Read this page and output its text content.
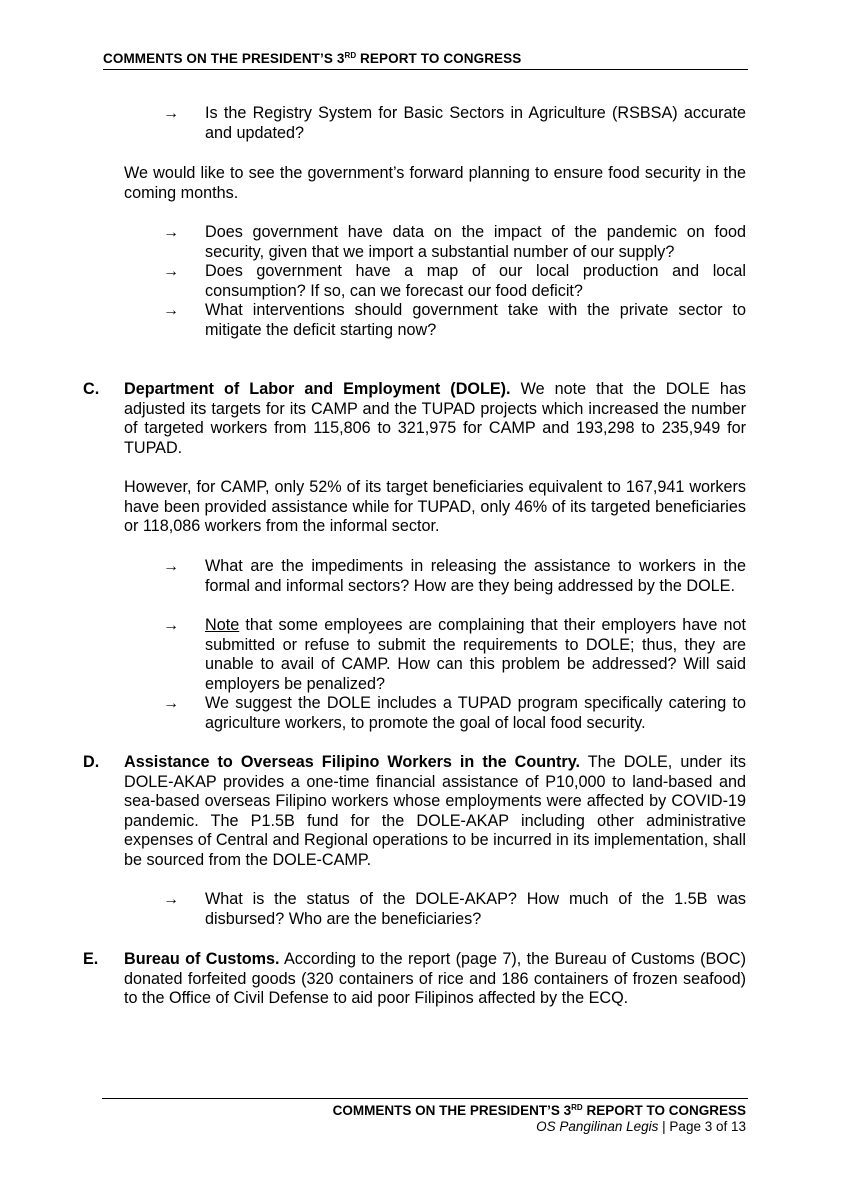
COMMENTS ON THE PRESIDENT’S 3RD REPORT TO CONGRESS
→ Is the Registry System for Basic Sectors in Agriculture (RSBSA) accurate and updated?
We would like to see the government’s forward planning to ensure food security in the coming months.
→ Does government have data on the impact of the pandemic on food security, given that we import a substantial number of our supply?
→ Does government have a map of our local production and local consumption? If so, can we forecast our food deficit?
→ What interventions should government take with the private sector to mitigate the deficit starting now?
C. Department of Labor and Employment (DOLE). We note that the DOLE has adjusted its targets for its CAMP and the TUPAD projects which increased the number of targeted workers from 115,806 to 321,975 for CAMP and 193,298 to 235,949 for TUPAD.
However, for CAMP, only 52% of its target beneficiaries equivalent to 167,941 workers have been provided assistance while for TUPAD, only 46% of its targeted beneficiaries or 118,086 workers from the informal sector.
→ What are the impediments in releasing the assistance to workers in the formal and informal sectors? How are they being addressed by the DOLE.
→ Note that some employees are complaining that their employers have not submitted or refuse to submit the requirements to DOLE; thus, they are unable to avail of CAMP. How can this problem be addressed? Will said employers be penalized?
→ We suggest the DOLE includes a TUPAD program specifically catering to agriculture workers, to promote the goal of local food security.
D. Assistance to Overseas Filipino Workers in the Country. The DOLE, under its DOLE-AKAP provides a one-time financial assistance of P10,000 to land-based and sea-based overseas Filipino workers whose employments were affected by COVID-19 pandemic. The P1.5B fund for the DOLE-AKAP including other administrative expenses of Central and Regional operations to be incurred in its implementation, shall be sourced from the DOLE-CAMP.
→ What is the status of the DOLE-AKAP? How much of the 1.5B was disbursed? Who are the beneficiaries?
E. Bureau of Customs. According to the report (page 7), the Bureau of Customs (BOC) donated forfeited goods (320 containers of rice and 186 containers of frozen seafood) to the Office of Civil Defense to aid poor Filipinos affected by the ECQ.
COMMENTS ON THE PRESIDENT’S 3RD REPORT TO CONGRESS
OS Pangilinan Legis | Page 3 of 13
